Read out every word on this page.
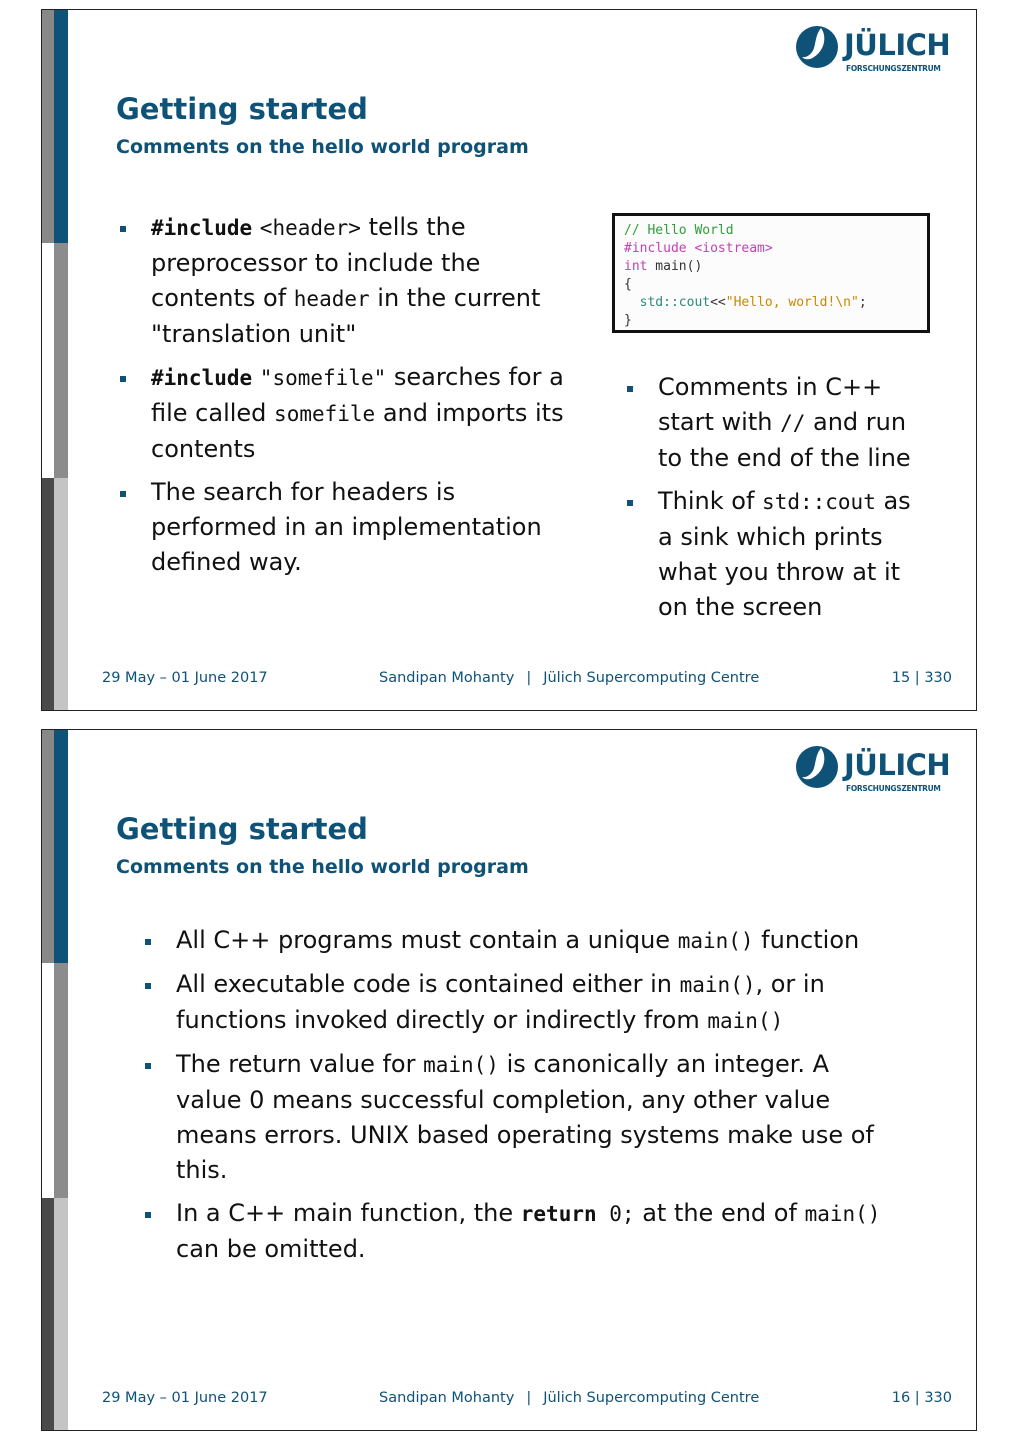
JÜLICH
FORSCHUNGSZENTRUM
Getting started
Comments on the hello world program
#include <header> tells the preprocessor to include the contents of header in the current "translation unit"
#include "somefile" searches for a file called somefile and imports its contents
The search for headers is performed in an implementation defined way.
// Hello World
#include <iostream>
int main()
{
std::cout<<"Hello, world!\n";
}
Comments in C++ start with // and run to the end of the line
Think of std::cout as a sink which prints what you throw at it on the screen
29 May – 01 June 2017	Sandipan Mohanty | Jülich Supercomputing Centre	15 | 330
JÜLICH
FORSCHUNGSZENTRUM
Getting started
Comments on the hello world program
All C++ programs must contain a unique main() function
All executable code is contained either in main(), or in functions invoked directly or indirectly from main()
The return value for main() is canonically an integer. A value 0 means successful completion, any other value means errors. UNIX based operating systems make use of this.
In a C++ main function, the return 0; at the end of main() can be omitted.
29 May – 01 June 2017	Sandipan Mohanty | Jülich Supercomputing Centre	16 | 330
